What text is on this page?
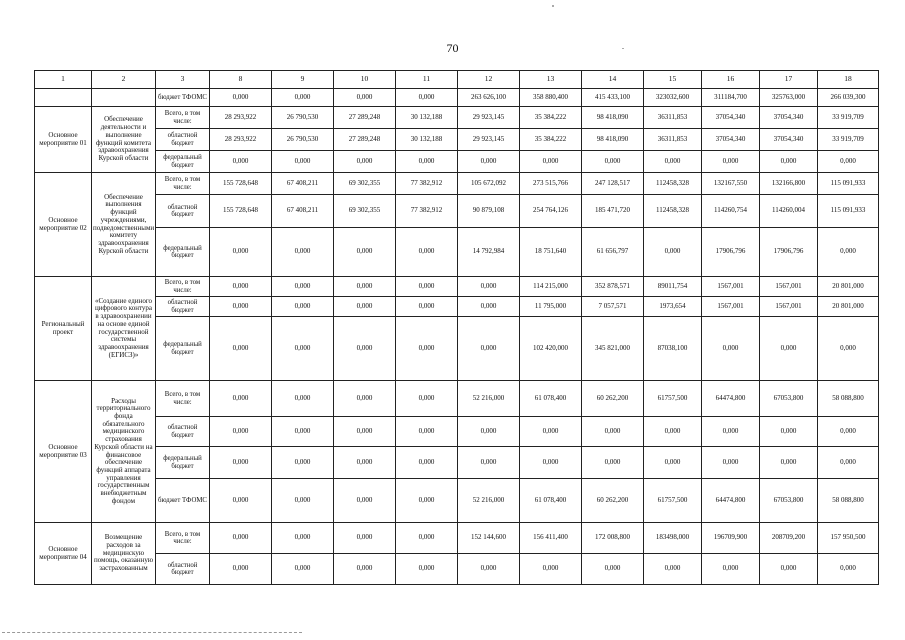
70
1	2	3	8	9	10	11	12	13	14	15	16	17	18
		бюджет ТФОМС	0,000	0,000	0,000	0,000	263 626,100	358 880,400	415 433,100	323032,600	311184,700	325763,000	266 039,300
Основное мероприятие 01	Обеспечение деятельности и выполнение функций комитета здравоохранения Курской области	Всего, в том числе:	28 293,922	26 790,530	27 289,248	30 132,188	29 923,145	35 384,222	98 418,090	36311,853	37054,340	37054,340	33 919,709
		областной бюджет	28 293,922	26 790,530	27 289,248	30 132,188	29 923,145	35 384,222	98 418,090	36311,853	37054,340	37054,340	33 919,709
		федеральный бюджет	0,000	0,000	0,000	0,000	0,000	0,000	0,000	0,000	0,000	0,000	0,000
Основное мероприятие 02	Обеспечение выполнения функций учреждениями, подведомственными комитету здравоохранения Курской области	Всего, в том числе:	155 728,648	67 408,211	69 302,355	77 382,912	105 672,092	273 515,766	247 128,517	112458,328	132167,550	132166,800	115 091,933
		областной бюджет	155 728,648	67 408,211	69 302,355	77 382,912	90 879,108	254 764,126	185 471,720	112458,328	114260,754	114260,004	115 091,933
		федеральный бюджет	0,000	0,000	0,000	0,000	14 792,984	18 751,640	61 656,797	0,000	17906,796	17906,796	0,000
Региональный проект	«Создание единого цифрового контура в здравоохранении на основе единой государственной системы здравоохранения (ЕГИСЗ)»	Всего, в том числе:	0,000	0,000	0,000	0,000	0,000	114 215,000	352 878,571	89011,754	1567,001	1567,001	20 801,000
		областной бюджет	0,000	0,000	0,000	0,000	0,000	11 795,000	7 057,571	1973,654	1567,001	1567,001	20 801,000
		федеральный бюджет	0,000	0,000	0,000	0,000	0,000	102 420,000	345 821,000	87038,100	0,000	0,000	0,000
Основное мероприятие 03	Расходы территориального фонда обязательного медицинского страхования Курской области на финансовое обеспечение функций аппарата управления государственным внебюджетным фондом	Всего, в том числе:	0,000	0,000	0,000	0,000	52 216,000	61 078,400	60 262,200	61757,500	64474,800	67053,800	58 088,800
		областной бюджет	0,000	0,000	0,000	0,000	0,000	0,000	0,000	0,000	0,000	0,000	0,000
		федеральный бюджет	0,000	0,000	0,000	0,000	0,000	0,000	0,000	0,000	0,000	0,000	0,000
		бюджет ТФОМС	0,000	0,000	0,000	0,000	52 216,000	61 078,400	60 262,200	61757,500	64474,800	67053,800	58 088,800
Основное мероприятие 04	Возмещение расходов за медицинскую помощь, оказанную застрахованным	Всего, в том числе:	0,000	0,000	0,000	0,000	152 144,600	156 411,400	172 008,800	183498,000	196709,900	208709,200	157 950,500
		областной бюджет	0,000	0,000	0,000	0,000	0,000	0,000	0,000	0,000	0,000	0,000	0,000
